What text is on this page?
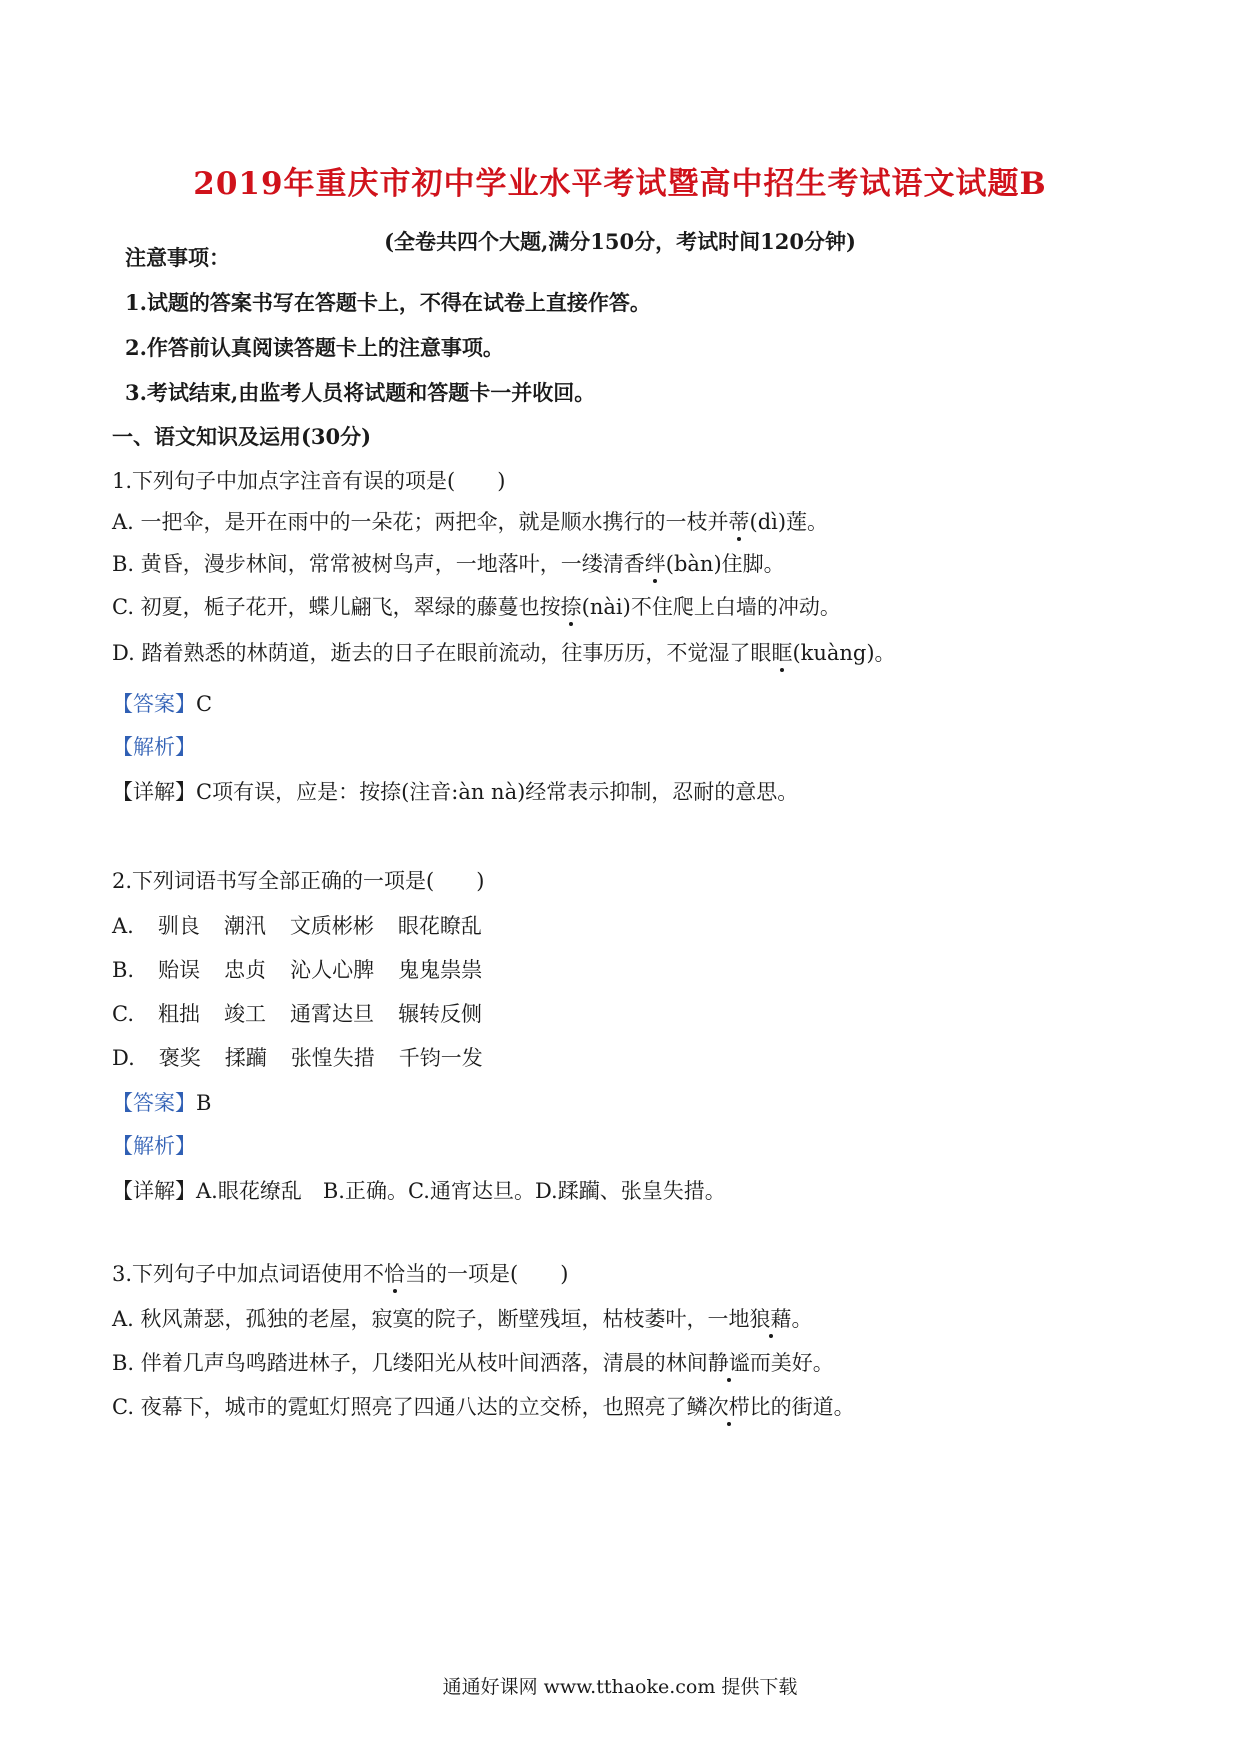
2019年重庆市初中学业水平考试暨高中招生考试语文试题B
(全卷共四个大题,满分150分，考试时间120分钟)
注意事项：
1.试题的答案书写在答题卡上，不得在试卷上直接作答。
2.作答前认真阅读答题卡上的注意事项。
3.考试结束,由监考人员将试题和答题卡一并收回。
一、语文知识及运用(30分)
1.下列句子中加点字注音有误的项是(　　)
A. 一把伞，是开在雨中的一朵花；两把伞，就是顺水携行的一枝并蒂(dì)莲。
B. 黄昏，漫步林间，常常被树鸟声，一地落叶，一缕清香绊(bàn)住脚。
C. 初夏，栀子花开，蝶儿翩飞，翠绿的藤蔓也按捺(nài)不住爬上白墙的冲动。
D. 踏着熟悉的林荫道，逝去的日子在眼前流动，往事历历，不觉湿了眼眶(kuàng)。
【答案】C
【解析】
【详解】C项有误，应是：按捺(注音:àn nà)经常表示抑制，忍耐的意思。
2.下列词语书写全部正确的一项是(　　)
A. 驯良 潮汛 文质彬彬 眼花瞭乱
B. 贻误 忠贞 沁人心脾 鬼鬼祟祟
C. 粗拙 竣工 通霄达旦 辗转反侧
D. 褒奖 揉躏 张惶失措 千钧一发
【答案】B
【解析】
【详解】A.眼花缭乱　B.正确。C.通宵达旦。D.蹂躏、张皇失措。
3.下列句子中加点词语使用不恰当的一项是(　　)
A. 秋风萧瑟，孤独的老屋，寂寞的院子，断壁残垣，枯枝萎叶，一地狼藉。
B. 伴着几声鸟鸣踏进林子，几缕阳光从枝叶间洒落，清晨的林间静谧而美好。
C. 夜幕下，城市的霓虹灯照亮了四通八达的立交桥，也照亮了鳞次栉比的街道。
通通好课网 www.tthaoke.com 提供下载
